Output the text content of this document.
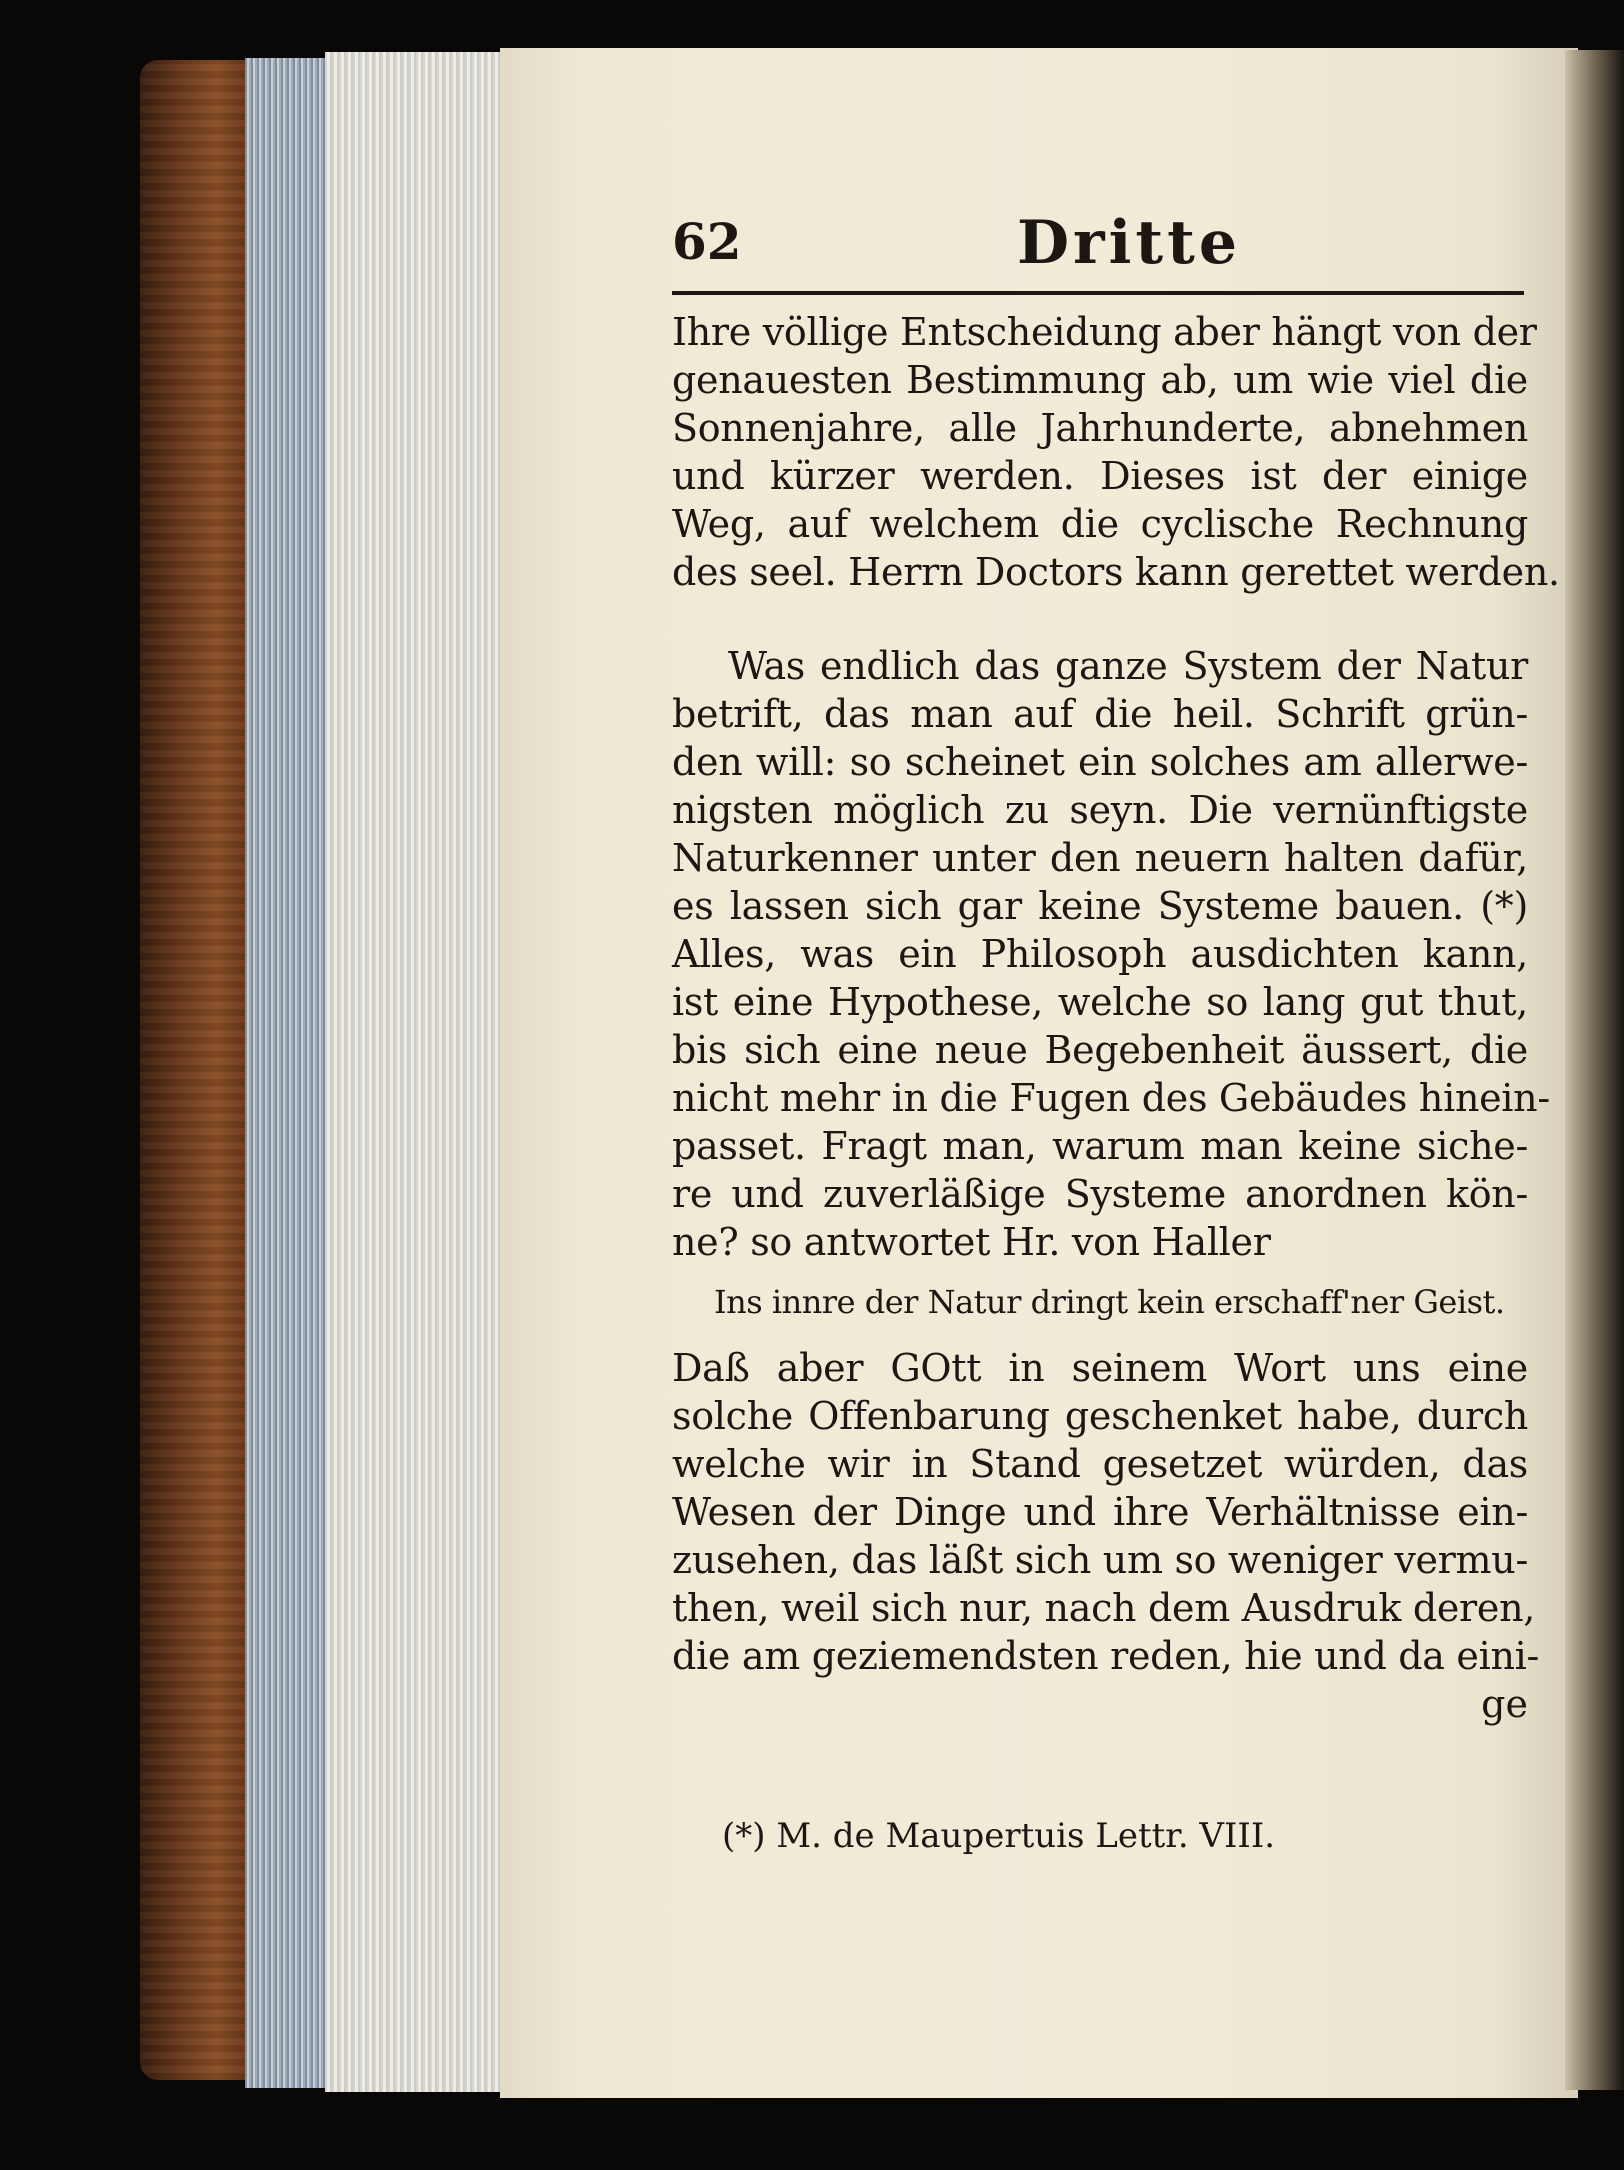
62	Dritte
Ihre völlige Entscheidung aber hängt von der
genauesten Bestimmung ab, um wie viel die
Sonnenjahre, alle Jahrhunderte, abnehmen
und kürzer werden. Dieses ist der einige
Weg, auf welchem die cyclische Rechnung
des seel. Herrn Doctors kann gerettet werden.
Was endlich das ganze System der Natur
betrift, das man auf die heil. Schrift grün-
den will: so scheinet ein solches am allerwe-
nigsten möglich zu seyn. Die vernünftigste
Naturkenner unter den neuern halten dafür,
es lassen sich gar keine Systeme bauen. (*)
Alles, was ein Philosoph ausdichten kann,
ist eine Hypothese, welche so lang gut thut,
bis sich eine neue Begebenheit äussert, die
nicht mehr in die Fugen des Gebäudes hinein-
passet. Fragt man, warum man keine siche-
re und zuverläßige Systeme anordnen kön-
ne? so antwortet Hr. von Haller
Ins innre der Natur dringt kein erschaff'ner Geist.
Daß aber GOtt in seinem Wort uns eine
solche Offenbarung geschenket habe, durch
welche wir in Stand gesetzet würden, das
Wesen der Dinge und ihre Verhältnisse ein-
zusehen, das läßt sich um so weniger vermu-
then, weil sich nur, nach dem Ausdruk deren,
die am geziemendsten reden, hie und da eini-
ge
(*) M. de Maupertuis Lettr. VIII.
